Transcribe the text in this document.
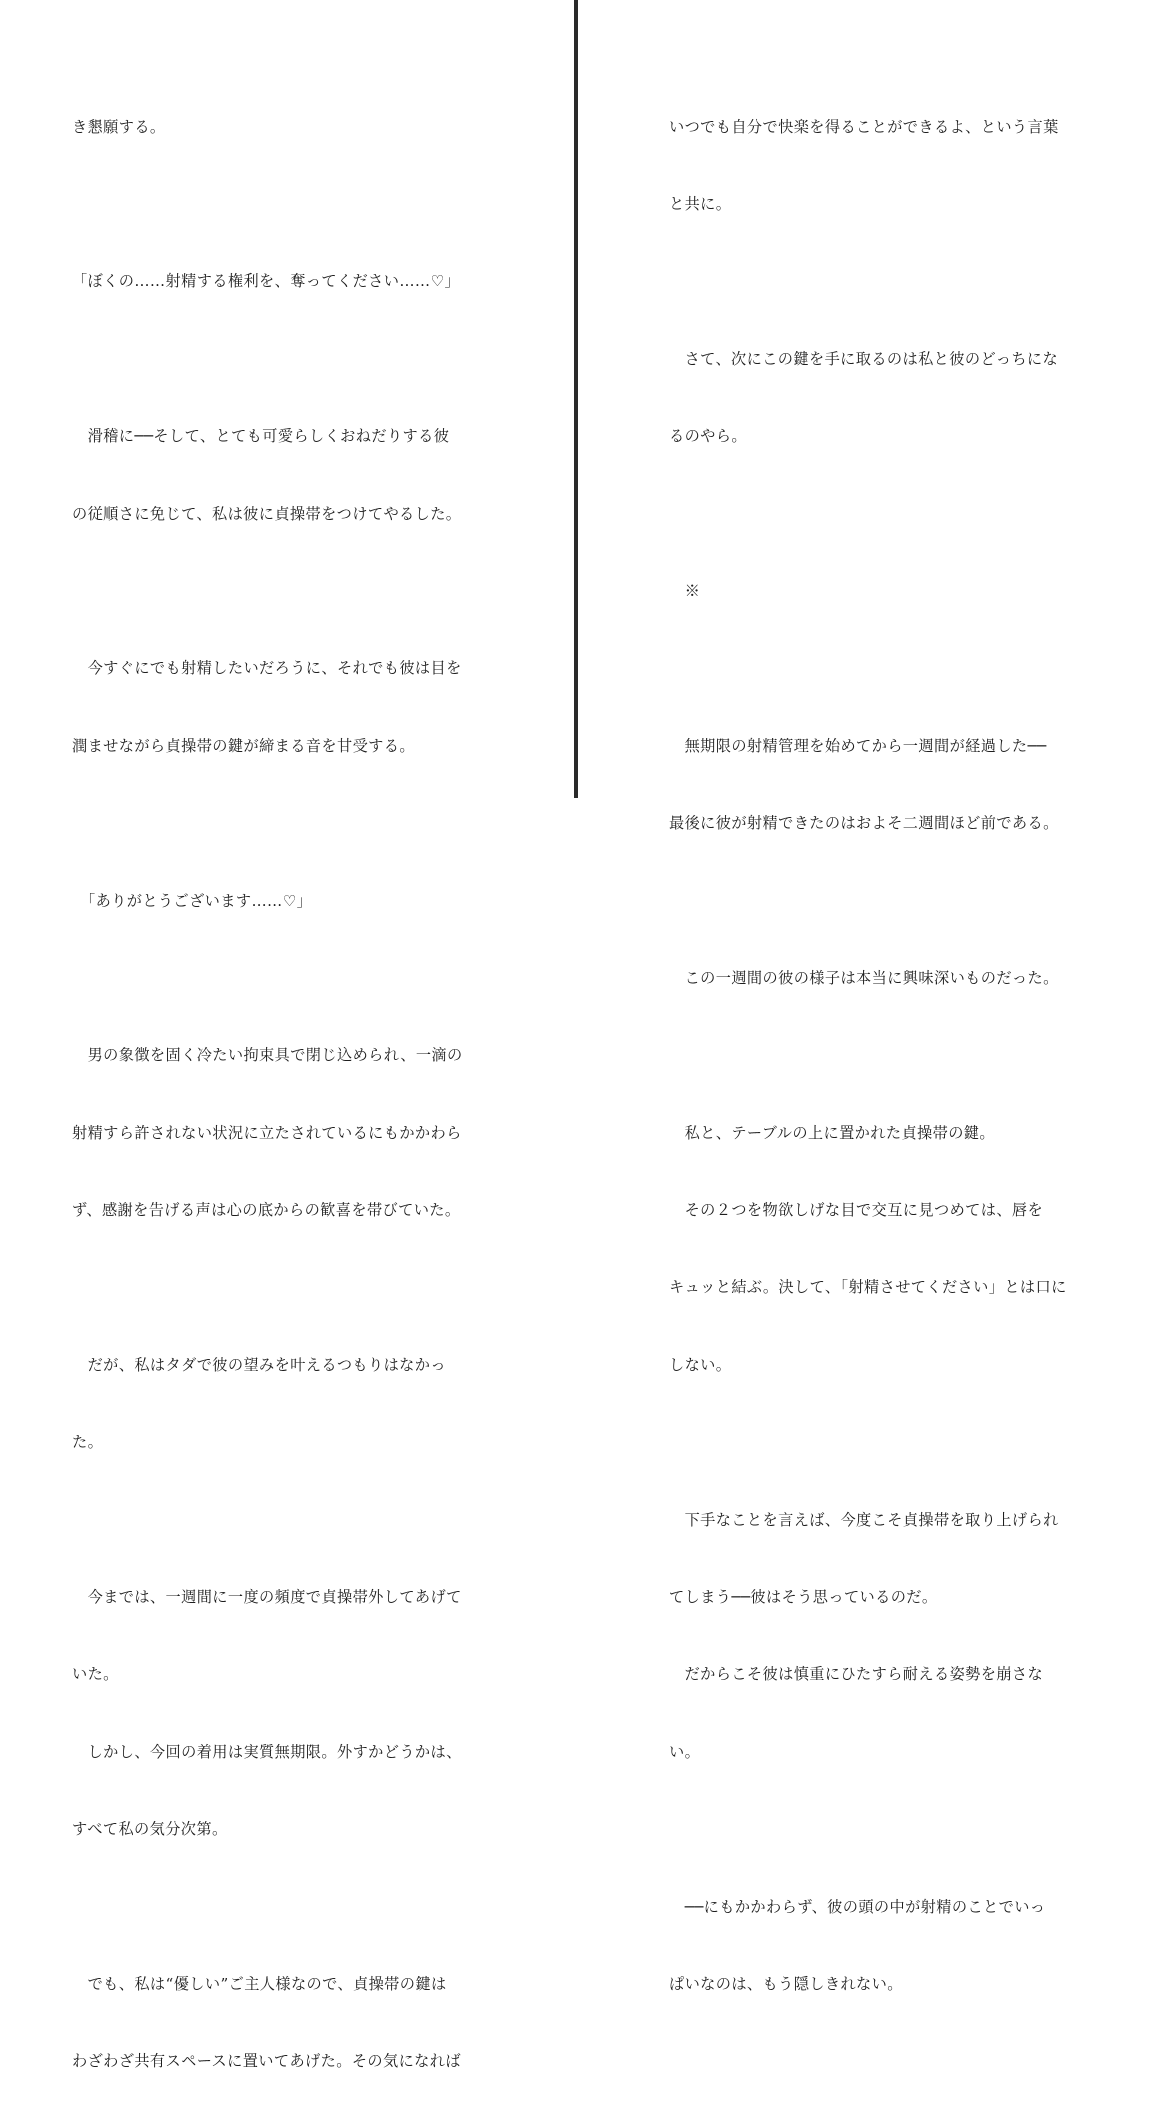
き懇願する。

「ぼくの……射精する権利を、奪ってください……♡」

　滑稽に──そして、とても可愛らしくおねだりする彼

の従順さに免じて、私は彼に貞操帯をつけてやるした。

　今すぐにでも射精したいだろうに、それでも彼は目を

潤ませながら貞操帯の鍵が締まる音を甘受する。

　「ありがとうございます……♡」

　男の象徴を固く冷たい拘束具で閉じ込められ、一滴の

射精すら許されない状況に立たされているにもかかわら

ず、感謝を告げる声は心の底からの歓喜を帯びていた。

　だが、私はタダで彼の望みを叶えるつもりはなかっ

た。

　今までは、一週間に一度の頻度で貞操帯外してあげて

いた。

　しかし、今回の着用は実質無期限。外すかどうかは、

すべて私の気分次第。

　でも、私は“優しい”ご主人様なので、貞操帯の鍵は

わざわざ共有スペースに置いてあげた。その気になれば

いつでも自分で快楽を得ることができるよ、という言葉

と共に。

　さて、次にこの鍵を手に取るのは私と彼のどっちにな

るのやら。

　※

　無期限の射精管理を始めてから一週間が経過した──

最後に彼が射精できたのはおよそ二週間ほど前である。

　この一週間の彼の様子は本当に興味深いものだった。

　私と、テーブルの上に置かれた貞操帯の鍵。

　その２つを物欲しげな目で交互に見つめては、唇を

キュッと結ぶ。決して、「射精させてください」とは口に

しない。

　下手なことを言えば、今度こそ貞操帯を取り上げられ

てしまう──彼はそう思っているのだ。

　だからこそ彼は慎重にひたすら耐える姿勢を崩さな

い。

　──にもかかわらず、彼の頭の中が射精のことでいっ

ぱいなのは、もう隠しきれない。
